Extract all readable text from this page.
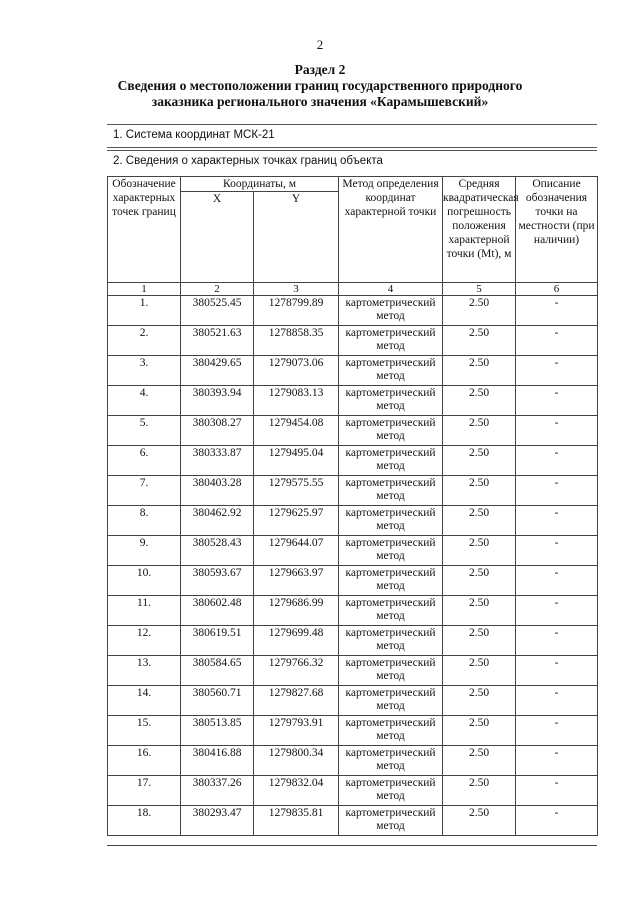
2
Раздел 2
Сведения о местоположении границ государственного природного
заказника регионального значения «Карамышевский»
1. Система координат МСК-21
2. Сведения о характерных точках границ объекта
Обозначение характерных точек границ	Координаты, м		Метод определения координат характерной точки	Средняя квадратическая погрешность положения характерной точки (Mt), м	Описание обозначения точки на местности (при наличии)
	X	Y			
1	2	3	4	5	6

1.	380525.45	1278799.89	картометрический метод	2.50	-

2.	380521.63	1278858.35	картометрический метод	2.50	-

3.	380429.65	1279073.06	картометрический метод	2.50	-

4.	380393.94	1279083.13	картометрический метод	2.50	-

5.	380308.27	1279454.08	картометрический метод	2.50	-

6.	380333.87	1279495.04	картометрический метод	2.50	-

7.	380403.28	1279575.55	картометрический метод	2.50	-

8.	380462.92	1279625.97	картометрический метод	2.50	-

9.	380528.43	1279644.07	картометрический метод	2.50	-

10.	380593.67	1279663.97	картометрический метод	2.50	-

11.	380602.48	1279686.99	картометрический метод	2.50	-

12.	380619.51	1279699.48	картометрический метод	2.50	-

13.	380584.65	1279766.32	картометрический метод	2.50	-

14.	380560.71	1279827.68	картометрический метод	2.50	-

15.	380513.85	1279793.91	картометрический метод	2.50	-

16.	380416.88	1279800.34	картометрический метод	2.50	-

17.	380337.26	1279832.04	картометрический метод	2.50	-

18.	380293.47	1279835.81	картометрический метод	2.50	-
